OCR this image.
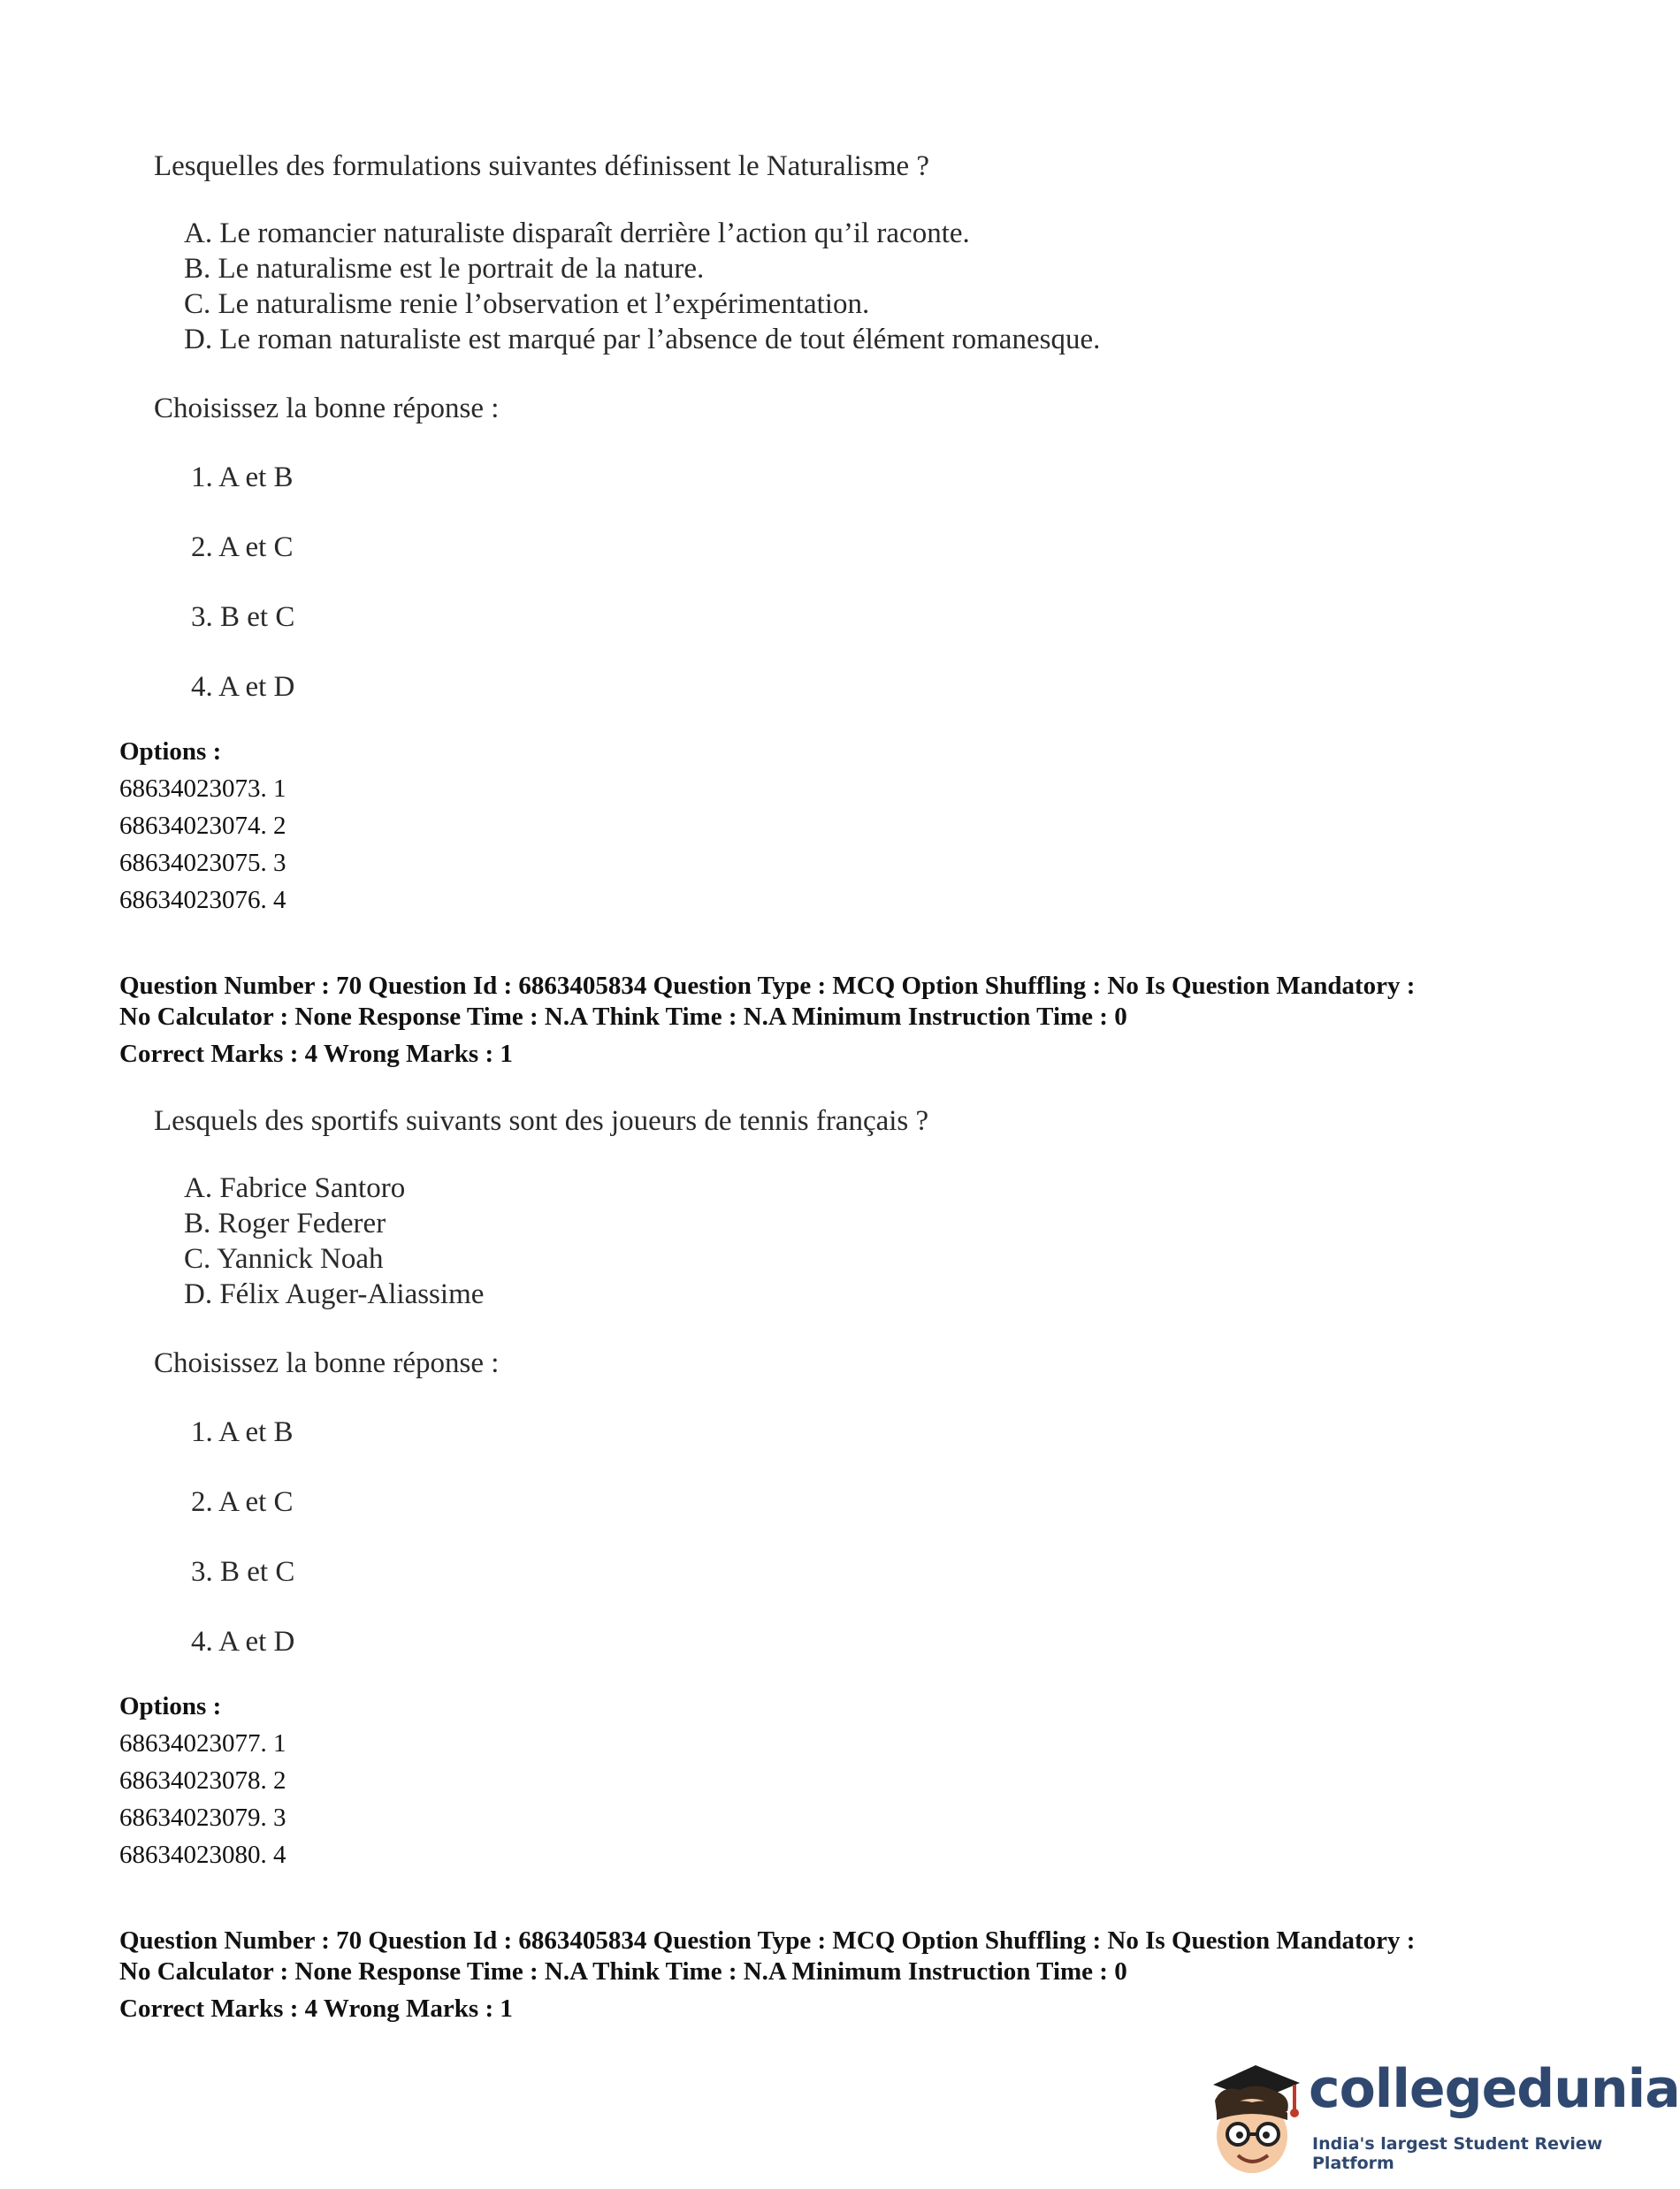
Lesquelles des formulations suivantes définissent le Naturalisme ?

A. Le romancier naturaliste disparaît derrière l’action qu’il raconte.

B. Le naturalisme est le portrait de la nature.

C. Le naturalisme renie l’observation et l’expérimentation.

D. Le roman naturaliste est marqué par l’absence de tout élément romanesque.

Choisissez la bonne réponse :

1. A et B

2. A et C

3. B et C

4. A et D

Options :

68634023073. 1

68634023074. 2

68634023075. 3

68634023076. 4

Question Number : 70 Question Id : 6863405834 Question Type : MCQ Option Shuffling : No Is Question Mandatory :

No Calculator : None Response Time : N.A Think Time : N.A Minimum Instruction Time : 0

Correct Marks : 4 Wrong Marks : 1

Lesquels des sportifs suivants sont des joueurs de tennis français ?

A. Fabrice Santoro

B. Roger Federer

C. Yannick Noah

D. Félix Auger-Aliassime

Choisissez la bonne réponse :

1. A et B

2. A et C

3. B et C

4. A et D

Options :

68634023077. 1

68634023078. 2

68634023079. 3

68634023080. 4

Question Number : 70 Question Id : 6863405834 Question Type : MCQ Option Shuffling : No Is Question Mandatory :

No Calculator : None Response Time : N.A Think Time : N.A Minimum Instruction Time : 0

Correct Marks : 4 Wrong Marks : 1

collegedunia
India's largest Student Review Platform
